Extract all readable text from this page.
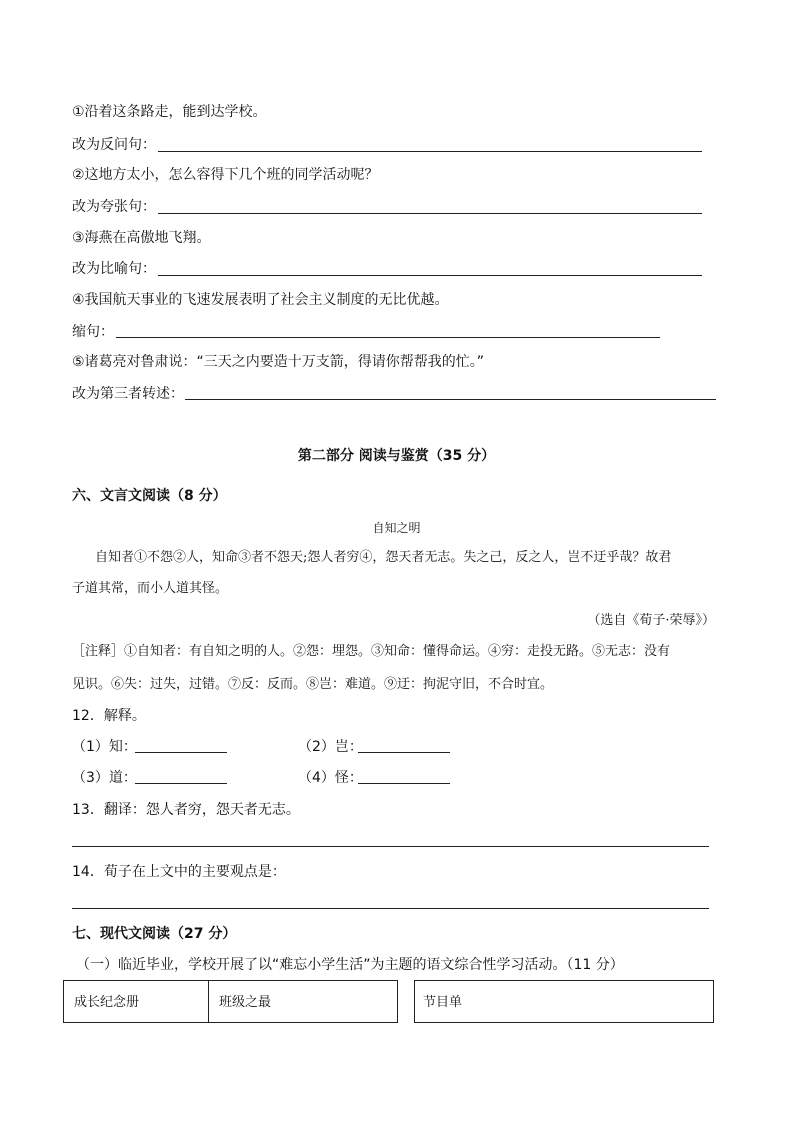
①沿着这条路走，能到达学校。
改为反问句：
②这地方太小，怎么容得下几个班的同学活动呢？
改为夸张句：
③海燕在高傲地飞翔。
改为比喻句：
④我国航天事业的飞速发展表明了社会主义制度的无比优越。
缩句：
⑤诸葛亮对鲁肃说：“三天之内要造十万支箭，得请你帮帮我的忙。”
改为第三者转述：
第二部分 阅读与鉴赏（35 分）
六、文言文阅读（8 分）
自知之明
自知者①不怨②人，知命③者不怨天;怨人者穷④，怨天者无志。失之己，反之人，岂不迂乎哉？故君
子道其常，而小人道其怪。
（选自《荀子·荣辱》）
［注释］①自知者：有自知之明的人。②怨：埋怨。③知命：懂得命运。④穷：走投无路。⑤无志：没有
见识。⑥失：过失，过错。⑦反：反而。⑧岂：难道。⑨迂：拘泥守旧，不合时宜。
12．解释。
（1）知：	（2）岂：
（3）道：	（4）怪：
13．翻译：怨人者穷，怨天者无志。
14．荀子在上文中的主要观点是：
七、现代文阅读（27 分）
（一）临近毕业，学校开展了以“难忘小学生活”为主题的语文综合性学习活动。（11 分）
成长纪念册	班级之最	节目单
